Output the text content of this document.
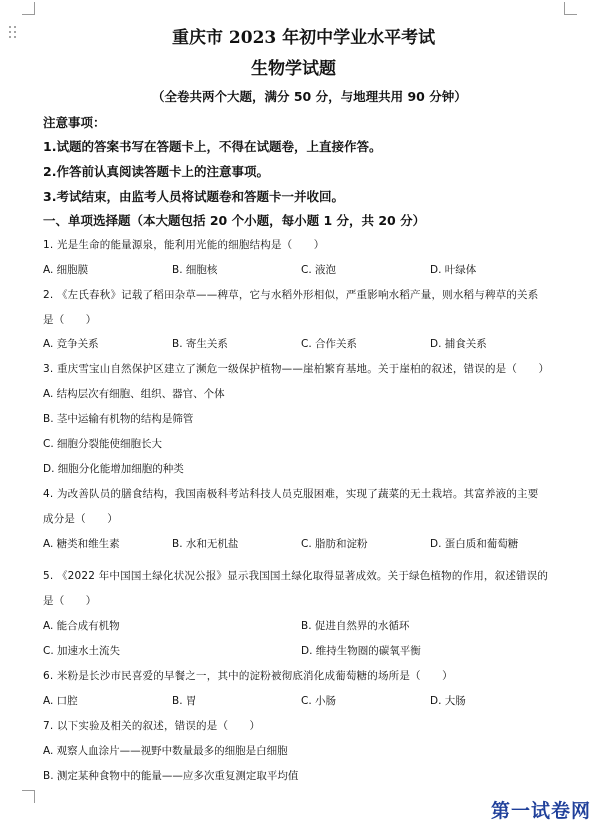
重庆市 2023 年初中学业水平考试
生物学试题
（全卷共两个大题，满分 50 分，与地理共用 90 分钟）
注意事项：
1.试题的答案书写在答题卡上，不得在试题卷，上直接作答。
2.作答前认真阅读答题卡上的注意事项。
3.考试结束，由监考人员将试题卷和答题卡一并收回。
一、单项选择题（本大题包括 20 个小题，每小题 1 分，共 20 分）
1. 光是生命的能量源泉，能利用光能的细胞结构是（　　）
A. 细胞膜	B. 细胞核	C. 液泡	D. 叶绿体
2. 《左氏春秋》记载了稻田杂草——稗草，它与水稻外形相似，严重影响水稻产量，则水稻与稗草的关系
是（　　）
A. 竞争关系	B. 寄生关系	C. 合作关系	D. 捕食关系
3. 重庆雪宝山自然保护区建立了濒危一级保护植物——崖柏繁育基地。关于崖柏的叙述，错误的是（　　）
A. 结构层次有细胞、组织、器官、个体
B. 茎中运输有机物的结构是筛管
C. 细胞分裂能使细胞长大
D. 细胞分化能增加细胞的种类
4. 为改善队员的膳食结构，我国南极科考站科技人员克服困难，实现了蔬菜的无土栽培。其富养液的主要
成分是（　　）
A. 糖类和维生素	B. 水和无机盐	C. 脂肪和淀粉	D. 蛋白质和葡萄糖
5. 《2022 年中国国土绿化状况公报》显示我国国土绿化取得显著成效。关于绿色植物的作用，叙述错误的
是（　　）
A. 能合成有机物	B. 促进自然界的水循环
C. 加速水土流失	D. 维持生物圈的碳氧平衡
6. 米粉是长沙市民喜爱的早餐之一，其中的淀粉被彻底消化成葡萄糖的场所是（　　）
A. 口腔	B. 胃	C. 小肠	D. 大肠
7. 以下实验及相关的叙述，错误的是（　　）
A. 观察人血涂片——视野中数量最多的细胞是白细胞
B. 测定某种食物中的能量——应多次重复测定取平均值
第一试卷网
